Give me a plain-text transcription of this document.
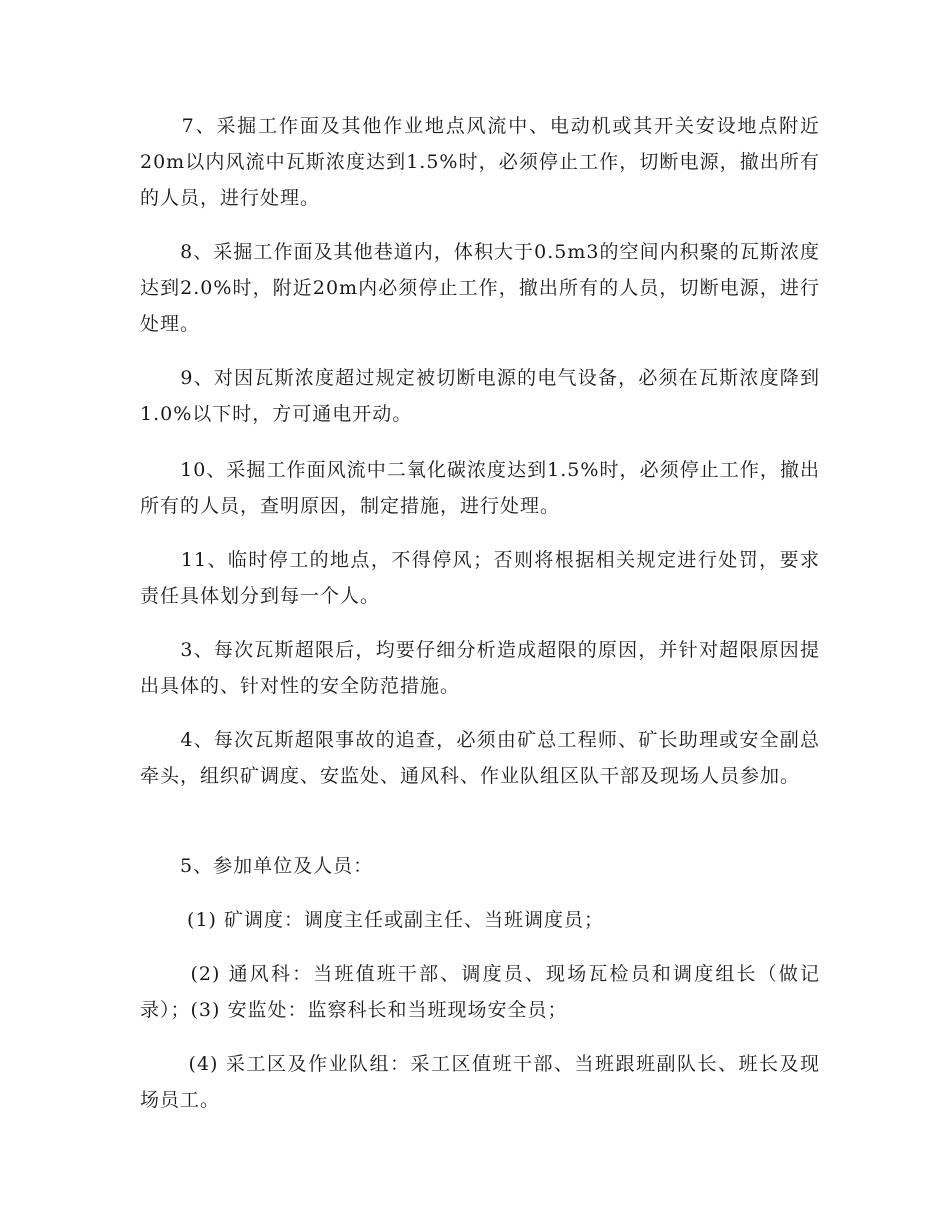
　　7、采掘工作面及其他作业地点风流中、电动机或其开关安设地点附近20m以内风流中瓦斯浓度达到1.5%时，必须停止工作，切断电源，撤出所有的人员，进行处理。

　　8、采掘工作面及其他巷道内，体积大于0.5m3的空间内积聚的瓦斯浓度达到2.0%时，附近20m内必须停止工作，撤出所有的人员，切断电源，进行处理。

　　9、对因瓦斯浓度超过规定被切断电源的电气设备，必须在瓦斯浓度降到1.0%以下时，方可通电开动。

　　10、采掘工作面风流中二氧化碳浓度达到1.5%时，必须停止工作，撤出所有的人员，查明原因，制定措施，进行处理。

　　11、临时停工的地点，不得停风；否则将根据相关规定进行处罚，要求责任具体划分到每一个人。

　　3、每次瓦斯超限后，均要仔细分析造成超限的原因，并针对超限原因提出具体的、针对性的安全防范措施。

　　4、每次瓦斯超限事故的追查，必须由矿总工程师、矿长助理或安全副总牵头，组织矿调度、安监处、通风科、作业队组区队干部及现场人员参加。

　　5、参加单位及人员：

　　 (1) 矿调度：调度主任或副主任、当班调度员；

　　 (2) 通风科：当班值班干部、调度员、现场瓦检员和调度组长（做记录）；(3) 安监处：监察科长和当班现场安全员；

　　 (4) 采工区及作业队组：采工区值班干部、当班跟班副队长、班长及现场员工。
